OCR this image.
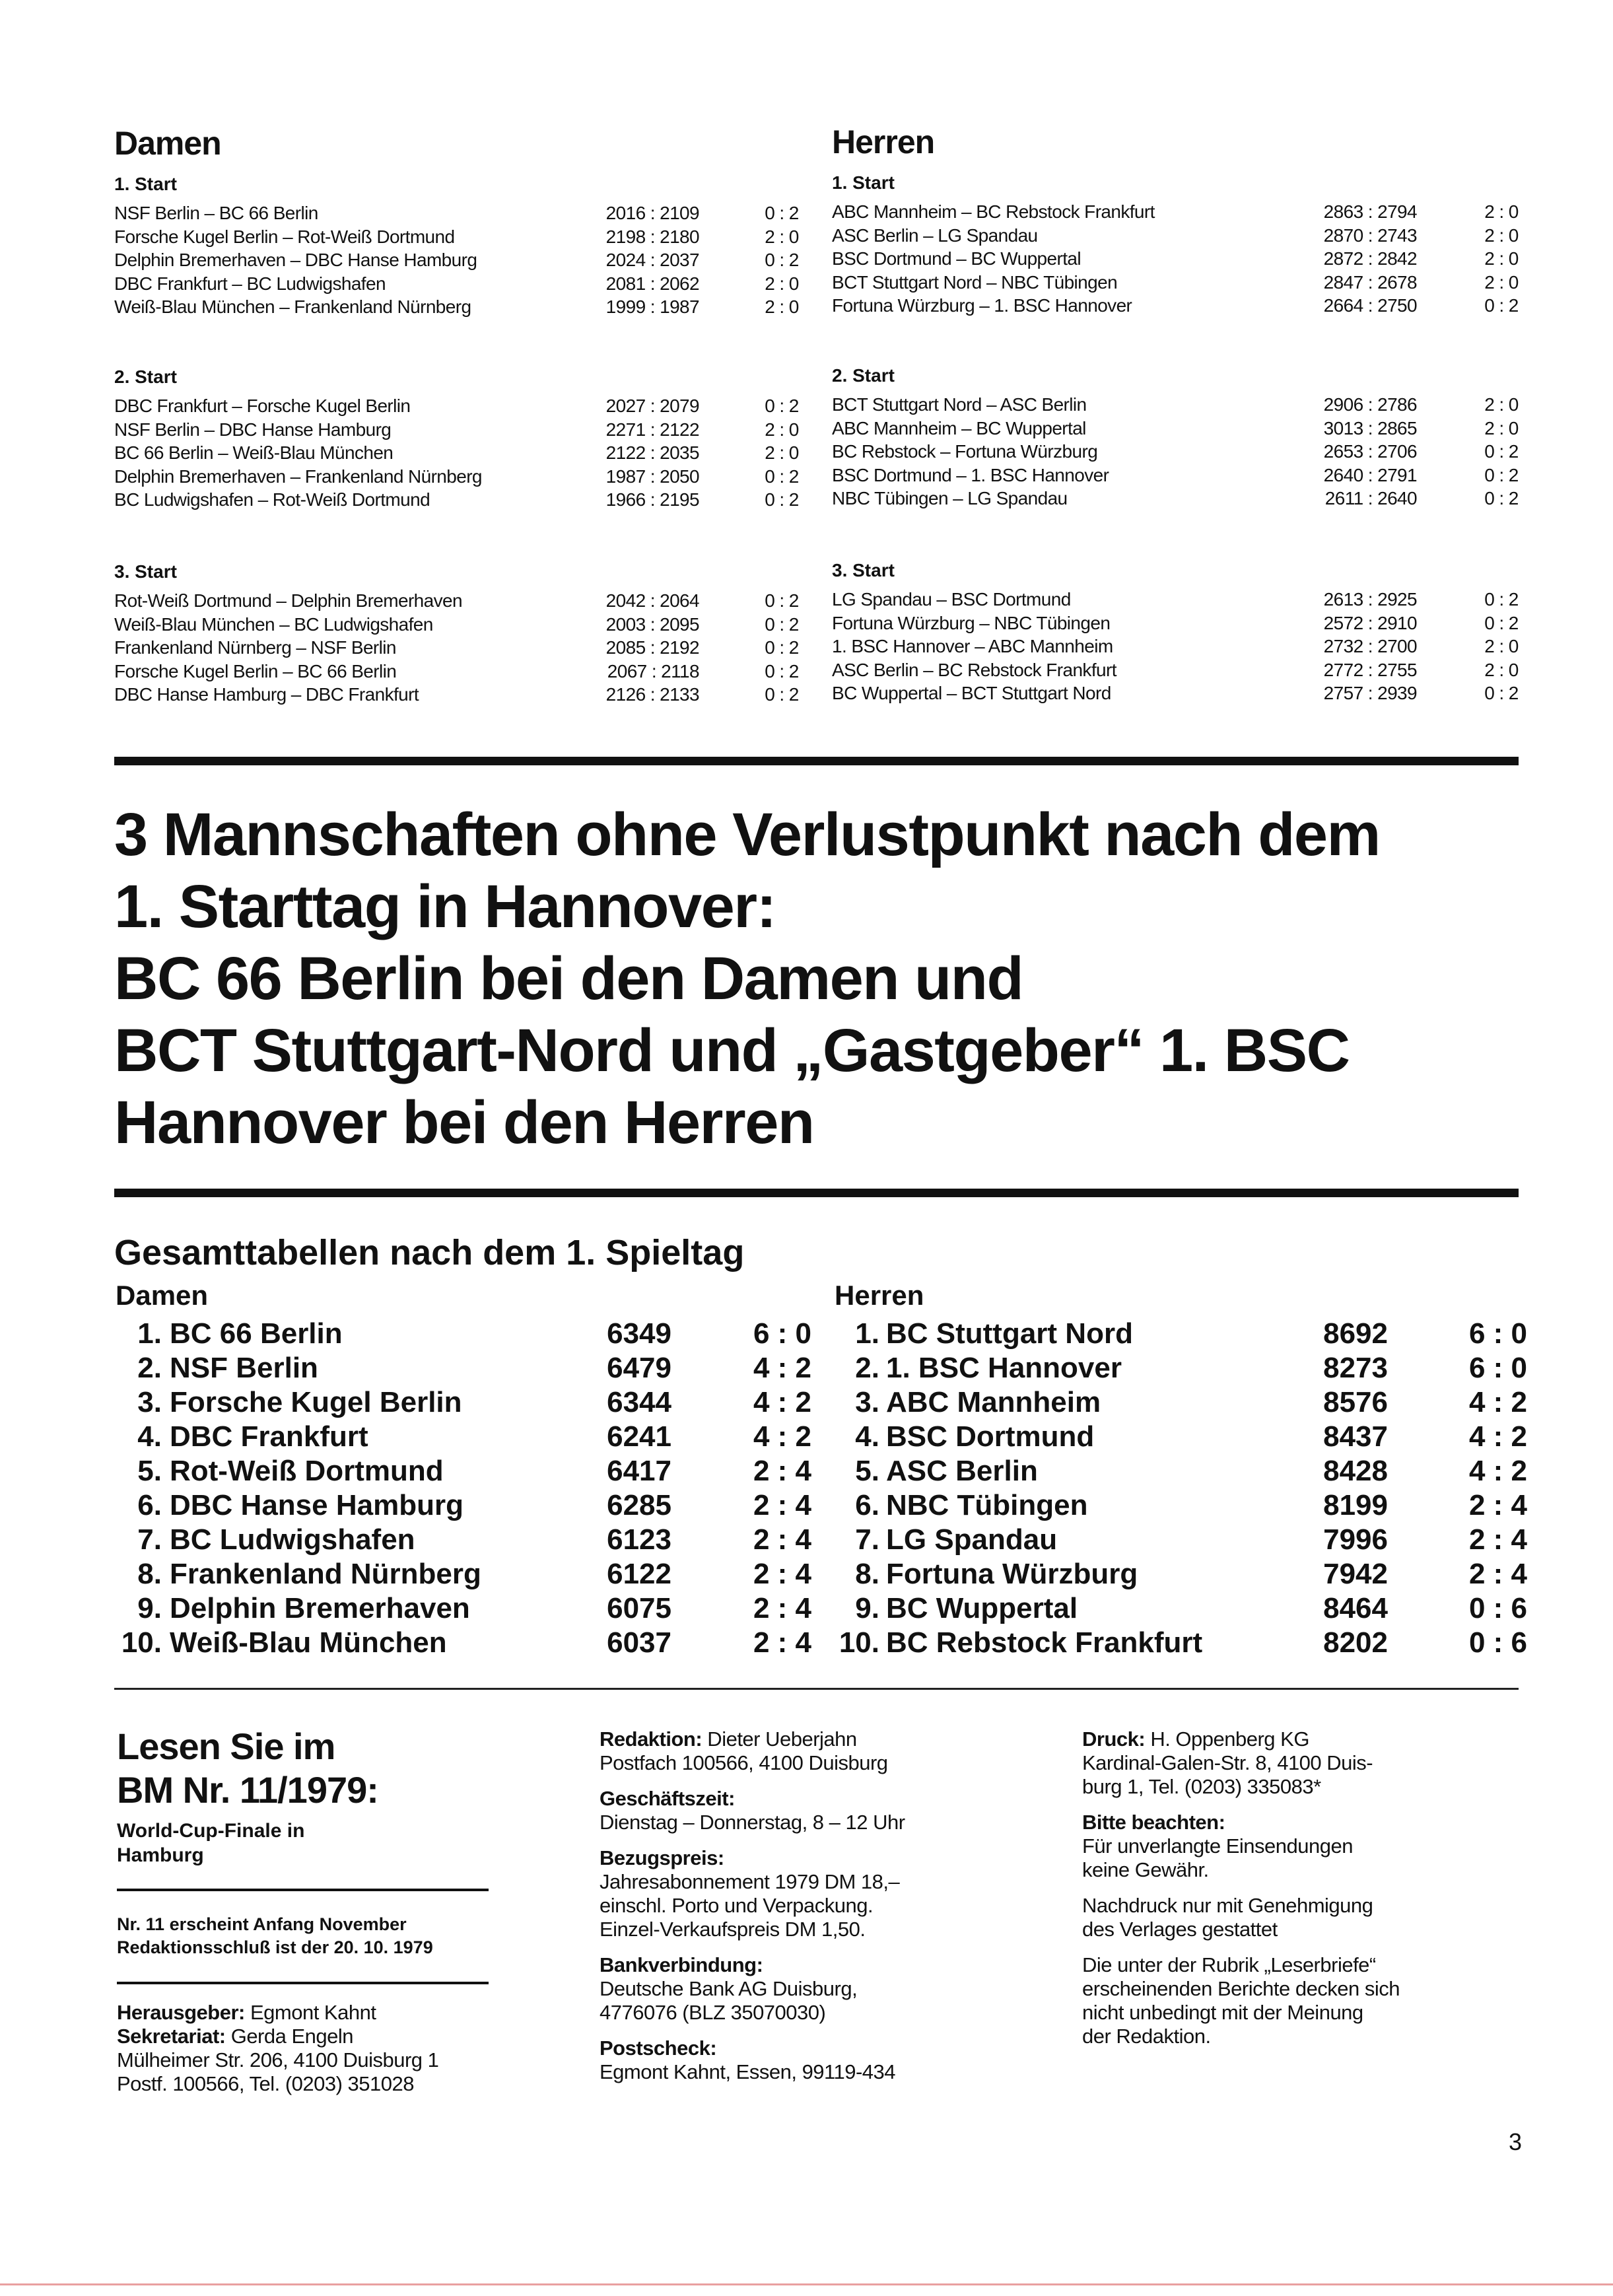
Damen
1. Start
NSF Berlin – BC 66 Berlin	2016 : 2109	0 : 2
Forsche Kugel Berlin – Rot-Weiß Dortmund	2198 : 2180	2 : 0
Delphin Bremerhaven – DBC Hanse Hamburg	2024 : 2037	0 : 2
DBC Frankfurt – BC Ludwigshafen	2081 : 2062	2 : 0
Weiß-Blau München – Frankenland Nürnberg	1999 : 1987	2 : 0
2. Start
DBC Frankfurt – Forsche Kugel Berlin	2027 : 2079	0 : 2
NSF Berlin – DBC Hanse Hamburg	2271 : 2122	2 : 0
BC 66 Berlin – Weiß-Blau München	2122 : 2035	2 : 0
Delphin Bremerhaven – Frankenland Nürnberg	1987 : 2050	0 : 2
BC Ludwigshafen – Rot-Weiß Dortmund	1966 : 2195	0 : 2
3. Start
Rot-Weiß Dortmund – Delphin Bremerhaven	2042 : 2064	0 : 2
Weiß-Blau München – BC Ludwigshafen	2003 : 2095	0 : 2
Frankenland Nürnberg – NSF Berlin	2085 : 2192	0 : 2
Forsche Kugel Berlin – BC 66 Berlin	2067 : 2118	0 : 2
DBC Hanse Hamburg – DBC Frankfurt	2126 : 2133	0 : 2
Herren
1. Start
ABC Mannheim – BC Rebstock Frankfurt	2863 : 2794	2 : 0
ASC Berlin – LG Spandau	2870 : 2743	2 : 0
BSC Dortmund – BC Wuppertal	2872 : 2842	2 : 0
BCT Stuttgart Nord – NBC Tübingen	2847 : 2678	2 : 0
Fortuna Würzburg – 1. BSC Hannover	2664 : 2750	0 : 2
2. Start
BCT Stuttgart Nord – ASC Berlin	2906 : 2786	2 : 0
ABC Mannheim – BC Wuppertal	3013 : 2865	2 : 0
BC Rebstock – Fortuna Würzburg	2653 : 2706	0 : 2
BSC Dortmund – 1. BSC Hannover	2640 : 2791	0 : 2
NBC Tübingen – LG Spandau	2611 : 2640	0 : 2
3. Start
LG Spandau – BSC Dortmund	2613 : 2925	0 : 2
Fortuna Würzburg – NBC Tübingen	2572 : 2910	0 : 2
1. BSC Hannover – ABC Mannheim	2732 : 2700	2 : 0
ASC Berlin – BC Rebstock Frankfurt	2772 : 2755	2 : 0
BC Wuppertal – BCT Stuttgart Nord	2757 : 2939	0 : 2
3 Mannschaften ohne Verlustpunkt nach dem
1. Starttag in Hannover:
BC 66 Berlin bei den Damen und
BCT Stuttgart-Nord und „Gastgeber“ 1. BSC
Hannover bei den Herren
Gesamttabellen nach dem 1. Spieltag
Damen	Herren
1. BC 66 Berlin	6349	6 : 0
2. NSF Berlin	6479	4 : 2
3. Forsche Kugel Berlin	6344	4 : 2
4. DBC Frankfurt	6241	4 : 2
5. Rot-Weiß Dortmund	6417	2 : 4
6. DBC Hanse Hamburg	6285	2 : 4
7. BC Ludwigshafen	6123	2 : 4
8. Frankenland Nürnberg	6122	2 : 4
9. Delphin Bremerhaven	6075	2 : 4
10. Weiß-Blau München	6037	2 : 4
1. BC Stuttgart Nord	8692	6 : 0
2. 1. BSC Hannover	8273	6 : 0
3. ABC Mannheim	8576	4 : 2
4. BSC Dortmund	8437	4 : 2
5. ASC Berlin	8428	4 : 2
6. NBC Tübingen	8199	2 : 4
7. LG Spandau	7996	2 : 4
8. Fortuna Würzburg	7942	2 : 4
9. BC Wuppertal	8464	0 : 6
10. BC Rebstock Frankfurt	8202	0 : 6
Lesen Sie im
BM Nr. 11/1979:
World-Cup-Finale in
Hamburg
Nr. 11 erscheint Anfang November
Redaktionsschluß ist der 20. 10. 1979
Herausgeber: Egmont Kahnt
Sekretariat: Gerda Engeln
Mülheimer Str. 206, 4100 Duisburg 1
Postf. 100566, Tel. (0203) 351028
Redaktion: Dieter Ueberjahn
Postfach 100566, 4100 Duisburg
Geschäftszeit:
Dienstag – Donnerstag, 8 – 12 Uhr
Bezugspreis:
Jahresabonnement 1979 DM 18,–
einschl. Porto und Verpackung.
Einzel-Verkaufspreis DM 1,50.
Bankverbindung:
Deutsche Bank AG Duisburg,
4776076 (BLZ 35070030)
Postscheck:
Egmont Kahnt, Essen, 99119-434
Druck: H. Oppenberg KG
Kardinal-Galen-Str. 8, 4100 Duis-
burg 1, Tel. (0203) 335083*
Bitte beachten:
Für unverlangte Einsendungen
keine Gewähr.
Nachdruck nur mit Genehmigung
des Verlages gestattet
Die unter der Rubrik „Leserbriefe“
erscheinenden Berichte decken sich
nicht unbedingt mit der Meinung
der Redaktion.
3
